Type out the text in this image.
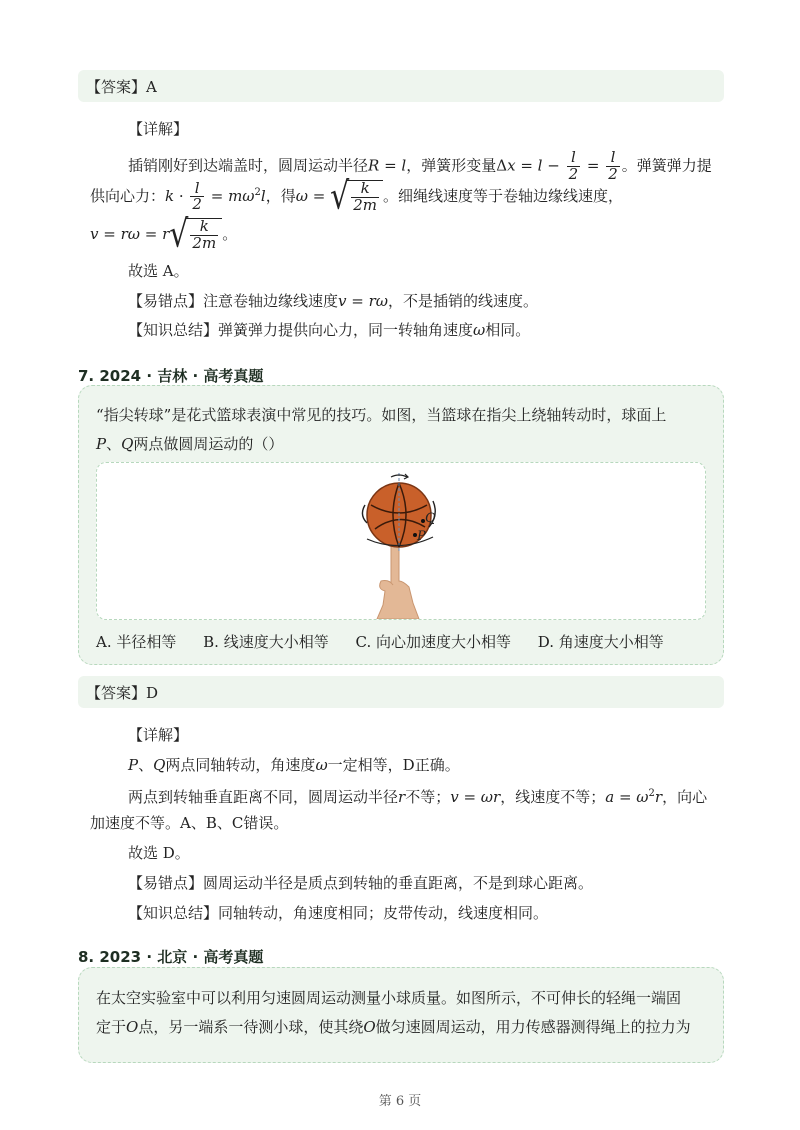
【答案】A
【详解】
插销刚好到达端盖时，圆周运动半径R = l，弹簧形变量$\Delta x = l - \frac{l}{2} = \frac{l}{2}$ 。弹簧弹力提
供向心力：$k \cdot \frac{l}{2} = m\omega^2l$，得ω = √ $\frac{k}{2m}$ 。细绳线速度等于卷轴边缘线速度，
v = rω = r √ $\frac{k}{2m}$ 。
故选 A。
【易错点】注意卷轴边缘线速度v = rω，不是插销的线速度。
【知识总结】弹簧弹力提供向心力，同一转轴角速度ω相同。
7. 2024 · 吉林 · 高考真题
“指尖转球”是花式篮球表演中常见的技巧。如图，当篮球在指尖上绕轴转动时，球面上
P、Q两点做圆周运动的（）
Q
P
A. 半径相等 B. 线速度大小相等 C. 向心加速度大小相等 D. 角速度大小相等
【答案】D
【详解】
P、Q两点同轴转动，角速度ω一定相等，D正确。
两点到转轴垂直距离不同，圆周运动半径r不等；v = ωr，线速度不等；$a = \omega^2r$，向心
加速度不等。A、B、C错误。
故选 D。
【易错点】圆周运动半径是质点到转轴的垂直距离，不是到球心距离。
【知识总结】同轴转动，角速度相同；皮带传动，线速度相同。
8. 2023 · 北京 · 高考真题
在太空实验室中可以利用匀速圆周运动测量小球质量。如图所示，不可伸长的轻绳一端固
定于O点，另一端系一待测小球，使其绕O做匀速圆周运动，用力传感器测得绳上的拉力为
第 6 页
